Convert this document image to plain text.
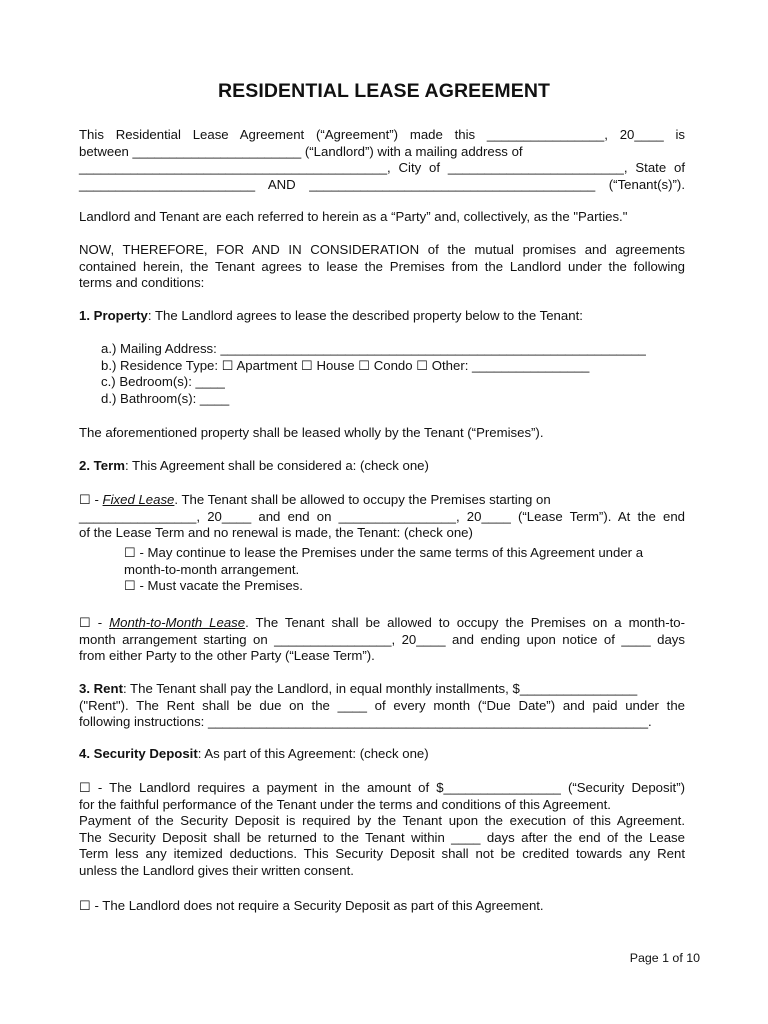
RESIDENTIAL LEASE AGREEMENT
This Residential Lease Agreement (“Agreement”) made this ________________, 20____ is
between _______________________ (“Landlord”) with a mailing address of
__________________________________________, City of ________________________, State of
________________________ AND _______________________________________ (“Tenant(s)”).
Landlord and Tenant are each referred to herein as a “Party” and, collectively, as the "Parties."
NOW, THEREFORE, FOR AND IN CONSIDERATION of the mutual promises and agreements
contained herein, the Tenant agrees to lease the Premises from the Landlord under the following
terms and conditions:
1. Property: The Landlord agrees to lease the described property below to the Tenant:
a.) Mailing Address: __________________________________________________________
b.) Residence Type: ☐ Apartment ☐ House ☐ Condo ☐ Other: ________________
c.) Bedroom(s): ____
d.) Bathroom(s): ____
The aforementioned property shall be leased wholly by the Tenant (“Premises”).
2. Term: This Agreement shall be considered a: (check one)
☐ - Fixed Lease. The Tenant shall be allowed to occupy the Premises starting on
________________, 20____ and end on ________________, 20____ (“Lease Term”). At the end
of the Lease Term and no renewal is made, the Tenant: (check one)
☐ - May continue to lease the Premises under the same terms of this Agreement under a
month-to-month arrangement.
☐ - Must vacate the Premises.
☐ - Month-to-Month Lease. The Tenant shall be allowed to occupy the Premises on a month-to-
month arrangement starting on ________________, 20____ and ending upon notice of ____ days
from either Party to the other Party (“Lease Term”).
3. Rent: The Tenant shall pay the Landlord, in equal monthly installments, $________________
("Rent"). The Rent shall be due on the ____ of every month (“Due Date”) and paid under the
following instructions: ____________________________________________________________.
4. Security Deposit: As part of this Agreement: (check one)
☐ - The Landlord requires a payment in the amount of $________________ (“Security Deposit”)
for the faithful performance of the Tenant under the terms and conditions of this Agreement.
Payment of the Security Deposit is required by the Tenant upon the execution of this Agreement.
The Security Deposit shall be returned to the Tenant within ____ days after the end of the Lease
Term less any itemized deductions. This Security Deposit shall not be credited towards any Rent
unless the Landlord gives their written consent.
☐ - The Landlord does not require a Security Deposit as part of this Agreement.
Page 1 of 10
